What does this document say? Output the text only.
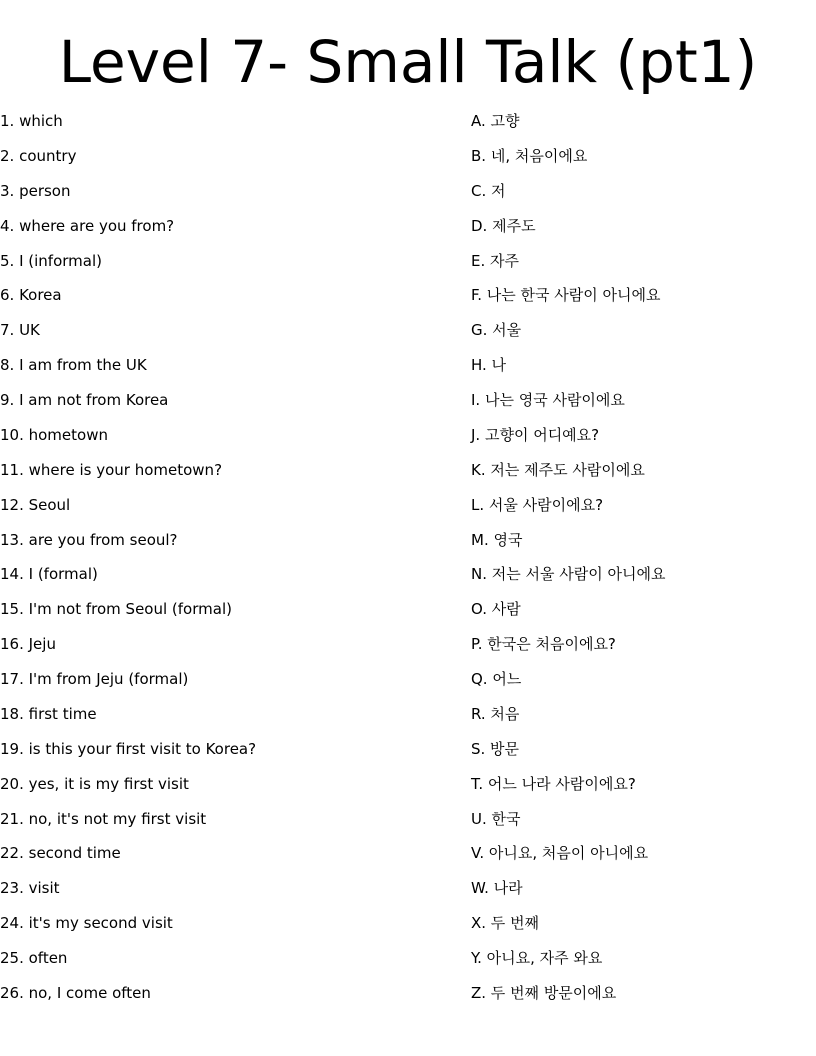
Level 7- Small Talk (pt1)
1. which
2. country
3. person
4. where are you from?
5. I (informal)
6. Korea
7. UK
8. I am from the UK
9. I am not from Korea
10. hometown
11. where is your hometown?
12. Seoul
13. are you from seoul?
14. I (formal)
15. I'm not from Seoul (formal)
16. Jeju
17. I'm from Jeju (formal)
18. first time
19. is this your first visit to Korea?
20. yes, it is my first visit
21. no, it's not my first visit
22. second time
23. visit
24. it's my second visit
25. often
26. no, I come often
A. 고향
B. 네, 처음이에요
C. 저
D. 제주도
E. 자주
F. 나는 한국 사람이 아니에요
G. 서울
H. 나
I. 나는 영국 사람이에요
J. 고향이 어디예요?
K. 저는 제주도 사람이에요
L. 서울 사람이에요?
M. 영국
N. 저는 서울 사람이 아니에요
O. 사람
P. 한국은 처음이에요?
Q. 어느
R. 처음
S. 방문
T. 어느 나라 사람이에요?
U. 한국
V. 아니요, 처음이 아니에요
W. 나라
X. 두 번째
Y. 아니요, 자주 와요
Z. 두 번째 방문이에요
